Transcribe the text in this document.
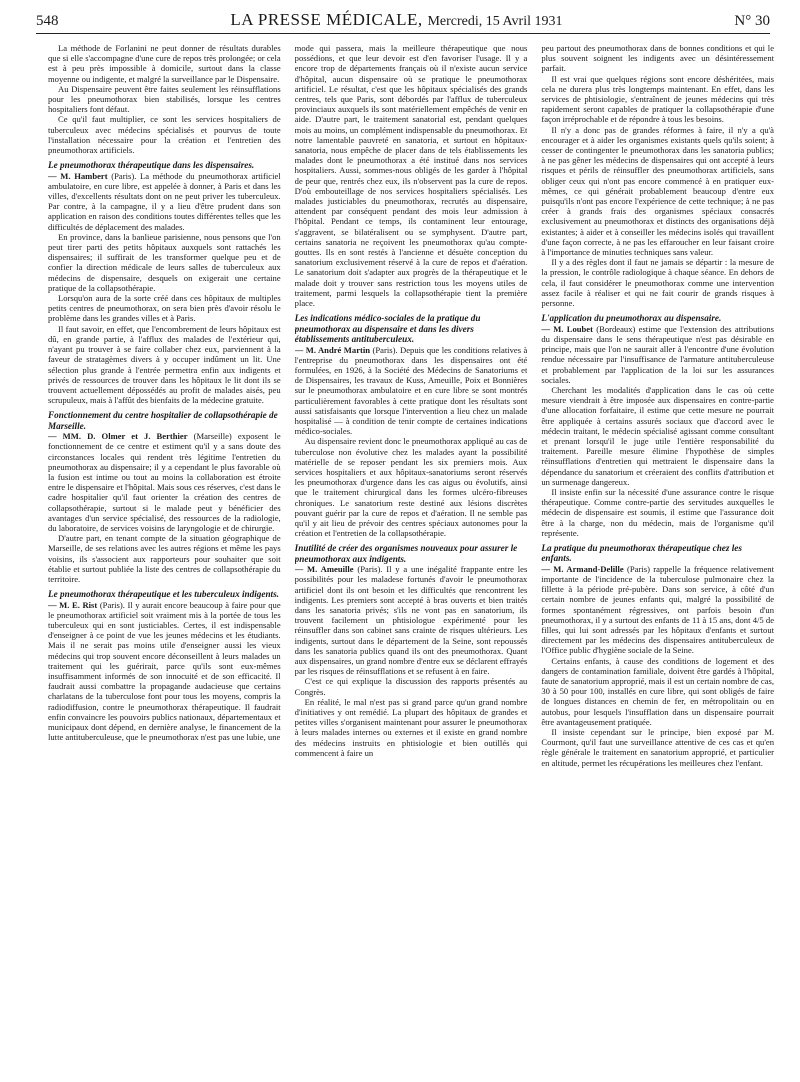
548	LA PRESSE MÉDICALE, Mercredi, 15 Avril 1931	N° 30

La méthode de Forlanini ne peut donner de résultats durables que si elle s'accompagne d'une cure de repos très prolongée; or cela est à peu près impossible à domicile, surtout dans la classe moyenne ou indigente, et malgré la surveillance par le Dispensaire.

Au Dispensaire peuvent être faites seulement les réinsufflations pour les pneumothorax bien stabilisés, lorsque les centres hospitaliers font défaut.

Ce qu'il faut multiplier, ce sont les services hospitaliers de tuberculeux avec médecins spécialisés et pourvus de toute l'installation nécessaire pour la création et l'entretien des pneumothorax artificiels.

Le pneumothorax thérapeutique dans les dispensaires.

— M. Hambert (Paris). La méthode du pneumothorax artificiel ambulatoire, en cure libre, est appelée à donner, à Paris et dans les villes, d'excellents résultats dont on ne peut priver les tuberculeux. Par contre, à la campagne, il y a lieu d'être prudent dans son application en raison des conditions toutes différentes telles que les difficultés de déplacement des malades.

En province, dans la banlieue parisienne, nous pensons que l'on peut tirer parti des petits hôpitaux auxquels sont rattachés les dispensaires; il suffirait de les transformer quelque peu et de confier la direction médicale de leurs salles de tuberculeux aux médecins de dispensaire, desquels on exigerait une certaine pratique de la collapsothérapie.

Lorsqu'on aura de la sorte créé dans ces hôpitaux de multiples petits centres de pneumothorax, on sera bien près d'avoir résolu le problème dans les grandes villes et à Paris.

Il faut savoir, en effet, que l'encombrement de leurs hôpitaux est dû, en grande partie, à l'afflux des malades de l'extérieur qui, n'ayant pu trouver à se faire collaber chez eux, parviennent à la faveur de stratagèmes divers à y occuper indûment un lit. Une sélection plus grande à l'entrée permettra enfin aux indigents et privés de ressources de trouver dans les hôpitaux le lit dont ils se trouvent actuellement dépossédés au profit de malades aisés, peu scrupuleux, mais à l'affût des bienfaits de la médecine gratuite.

Fonctionnement du centre hospitalier de collapsothérapie de Marseille.

— MM. D. Olmer et J. Berthier (Marseille) exposent le fonctionnement de ce centre et estiment qu'il y a sans doute des circonstances locales qui rendent très légitime l'entretien du pneumothorax au dispensaire; il y a cependant le plus favorable où la fusion est intime ou tout au moins la collaboration est étroite entre le dispensaire et l'hôpital. Mais sous ces réserves, c'est dans le cadre hospitalier qu'il faut orienter la création des centres de collapsothérapie, surtout si le malade peut y bénéficier des avantages d'un service spécialisé, des ressources de la radiologie, du laboratoire, de services voisins de laryngologie et de chirurgie.

D'autre part, en tenant compte de la situation géographique de Marseille, de ses relations avec les autres régions et même les pays voisins, ils s'associent aux rapporteurs pour souhaiter que soit établie et surtout publiée la liste des centres de collapsothérapie du territoire.

Le pneumothorax thérapeutique et les tuberculeux indigents.

— M. E. Rist (Paris). Il y aurait encore beaucoup à faire pour que le pneumothorax artificiel soit vraiment mis à la portée de tous les tuberculeux qui en sont justiciables. Certes, il est indispensable d'enseigner à ce point de vue les jeunes médecins et les étudiants. Mais il ne serait pas moins utile d'enseigner aussi les vieux médecins qui trop souvent encore déconseillent à leurs malades un traitement qui les guérirait, parce qu'ils sont eux-mêmes insuffisamment informés de son innocuité et de son efficacité. Il faudrait aussi combattre la propagande audacieuse que certains charlatans de la tuberculose font pour tous les moyens, compris la radiodiffusion, contre le pneumothorax thérapeutique. Il faudrait enfin convaincre les pouvoirs publics nationaux, départementaux et municipaux dont dépend, en dernière analyse, le financement de la lutte antituberculeuse, que le pneumothorax n'est pas une lubie, une

mode qui passera, mais la meilleure thérapeutique que nous possédions, et que leur devoir est d'en favoriser l'usage. Il y a encore trop de départements français où il n'existe aucun service d'hôpital, aucun dispensaire où se pratique le pneumothorax artificiel. Le résultat, c'est que les hôpitaux spécialisés des grands centres, tels que Paris, sont débordés par l'afflux de tuberculeux provinciaux auxquels ils sont matériellement empêchés de venir en aide. D'autre part, le traitement sanatorial est, pendant quelques mois au moins, un complément indispensable du pneumothorax. Et notre lamentable pauvreté en sanatoria, et surtout en hôpitaux-sanatoria, nous empêche de placer dans de tels établissements les malades dont le pneumothorax a été institué dans nos services hospitaliers. Aussi, sommes-nous obligés de les garder à l'hôpital de peur que, rentrés chez eux, ils n'observent pas la cure de repos. D'où embouteillage de nos services hospitaliers spécialisés. Les malades justiciables du pneumothorax, recrutés au dispensaire, attendent par conséquent pendant des mois leur admission à l'hôpital. Pendant ce temps, ils contaminent leur entourage, s'aggravent, se bilatéralisent ou se symphysent. D'autre part, certains sanatoria ne reçoivent les pneumothorax qu'au compte-gouttes. Ils en sont restés à l'ancienne et désuète conception du sanatorium exclusivement réservé à la cure de repos et d'aération. Le sanatorium doit s'adapter aux progrès de la thérapeutique et le malade doit y trouver sans restriction tous les moyens utiles de traitement, parmi lesquels la collapsothérapie tient la première place.

Les indications médico-sociales de la pratique du pneumothorax au dispensaire et dans les divers établissements antituberculeux.

— M. André Martin (Paris). Depuis que les conditions relatives à l'entreprise du pneumothorax dans les dispensaires ont été formulées, en 1926, à la Société des Médecins de Sanatoriums et de Dispensaires, les travaux de Kuss, Ameuille, Poix et Bonnières sur le pneumothorax ambulatoire et en cure libre se sont montrés particulièrement favorables à cette pratique dont les résultats sont aussi satisfaisants que lorsque l'intervention a lieu chez un malade hospitalisé — à condition de tenir compte de certaines indications médico-sociales.

Au dispensaire revient donc le pneumothorax appliqué au cas de tuberculose non évolutive chez les malades ayant la possibilité matérielle de se reposer pendant les six premiers mois. Aux services hospitaliers et aux hôpitaux-sanatoriums seront réservés les pneumothorax d'urgence dans les cas aigus ou évolutifs, ainsi que le traitement chirurgical dans les formes ulcéro-fibreuses chroniques. Le sanatorium reste destiné aux lésions discrètes pouvant guérir par la cure de repos et d'aération. Il ne semble pas qu'il y ait lieu de prévoir des centres spéciaux autonomes pour la création et l'entretien de la collapsothérapie.

Inutilité de créer des organismes nouveaux pour assurer le pneumothorax aux indigents.

— M. Ameuille (Paris). Il y a une inégalité frappante entre les possibilités pour les maladese fortunés d'avoir le pneumothorax artificiel dont ils ont besoin et les difficultés que rencontrent les indigents. Les premiers sont accepté à bras ouverts et bien traités dans les sanatoria privés; s'ils ne vont pas en sanatorium, ils trouvent facilement un phtisiologue expérimenté pour les réinsuffler dans son cabinet sans crainte de risques ultérieurs. Les indigents, surtout dans le département de la Seine, sont repoussés dans les sanatoria publics quand ils ont des pneumothorax. Quant aux dispensaires, un grand nombre d'entre eux se déclarent effrayés par les risques de réinsufflations et se refusent à en faire.

C'est ce qui explique la discussion des rapports présentés au Congrès.

En réalité, le mal n'est pas si grand parce qu'un grand nombre d'initiatives y ont remédié. La plupart des hôpitaux de grandes et petites villes s'organisent maintenant pour assurer le pneumothorax à leurs malades internes ou externes et il existe en grand nombre des médecins instruits en phtisiologie et bien outillés qui commencent à faire un

peu partout des pneumothorax dans de bonnes conditions et qui le plus souvent soignent les indigents avec un désintéressement parfait.

Il est vrai que quelques régions sont encore déshéritées, mais cela ne durera plus très longtemps maintenant. En effet, dans les services de phtisiologie, s'entraînent de jeunes médecins qui très rapidement seront capables de pratiquer la collapsothérapie d'une façon irréprochable et de répondre à tous les besoins.

Il n'y a donc pas de grandes réformes à faire, il n'y a qu'à encourager et à aider les organismes existants quels qu'ils soient; à cesser de contingenter le pneumothorax dans les sanatoria publics; à ne pas gêner les médecins de dispensaires qui ont accepté à leurs risques et périls de réinsuffler des pneumothorax artificiels, sans obliger ceux qui n'ont pas encore commencé à en pratiquer eux-mêmes, ce qui générait probablement beaucoup d'entre eux puisqu'ils n'ont pas encore l'expérience de cette technique; à ne pas créer à grands frais des organismes spéciaux consacrés exclusivement au pneumothorax et distincts des organisations déjà existantes; à aider et à conseiller les médecins isolés qui travaillent d'une façon correcte, à ne pas les effaroucher en leur faisant croire à l'importance de minuties techniques sans valeur.

Il y a des règles dont il faut ne jamais se départir : la mesure de la pression, le contrôle radiologique à chaque séance. En dehors de cela, il faut considérer le pneumothorax comme une intervention assez facile à réaliser et qui ne fait courir de grands risques à personne.

L'application du pneumothorax au dispensaire.

— M. Loubet (Bordeaux) estime que l'extension des attributions du dispensaire dans le sens thérapeutique n'est pas désirable en principe, mais que l'on ne saurait aller à l'encontre d'une évolution rendue nécessaire par l'insuffisance de l'armature antituberculeuse et probablement par l'application de la loi sur les assurances sociales.

Cherchant les modalités d'application dans le cas où cette mesure viendrait à être imposée aux dispensaires en contre-partie d'une allocation forfaitaire, il estime que cette mesure ne pourrait être appliquée à certains assurés sociaux que d'accord avec le médecin traitant, le médecin spécialisé agissant comme consultant et prenant lorsqu'il le juge utile l'entière responsabilité du traitement. Pareille mesure élimine l'hypothèse de simples réinsufflations d'entretien qui mettraient le dispensaire dans la dépendance du sanatorium et créeraient des conflits d'attribution et un surmenage dangereux.

Il insiste enfin sur la nécessité d'une assurance contre le risque thérapeutique. Comme contre-partie des servitudes auxquelles le médecin de dispensaire est soumis, il estime que l'assurance doit être à la charge, non du médecin, mais de l'organisme qu'il représente.

La pratique du pneumothorax thérapeutique chez les enfants.

— M. Armand-Delille (Paris) rappelle la fréquence relativement importante de l'incidence de la tuberculose pulmonaire chez la fillette à la période pré-pubère. Dans son service, à côté d'un certain nombre de jeunes enfants qui, malgré la possibilité de formes spontanément régressives, ont parfois besoin d'un pneumothorax, il y a surtout des enfants de 11 à 15 ans, dont 4/5 de filles, qui lui sont adressés par les hôpitaux d'enfants et surtout directement par les médecins des dispensaires antituberculeux de l'Office public d'hygiène sociale de la Seine.

Certains enfants, à cause des conditions de logement et des dangers de contamination familiale, doivent être gardés à l'hôpital, faute de sanatorium approprié, mais il est un certain nombre de cas, 30 à 50 pour 100, installés en cure libre, qui sont obligés de faire de longues distances en chemin de fer, en métropolitain ou en autobus, pour lesquels l'insufflation dans un dispensaire pourrait être avantageusement pratiquée.

Il insiste cependant sur le principe, bien exposé par M. Courmont, qu'il faut une surveillance attentive de ces cas et qu'en règle générale le traitement en sanatorium approprié, et particulier en altitude, permet les récupérations les meilleures chez l'enfant.
